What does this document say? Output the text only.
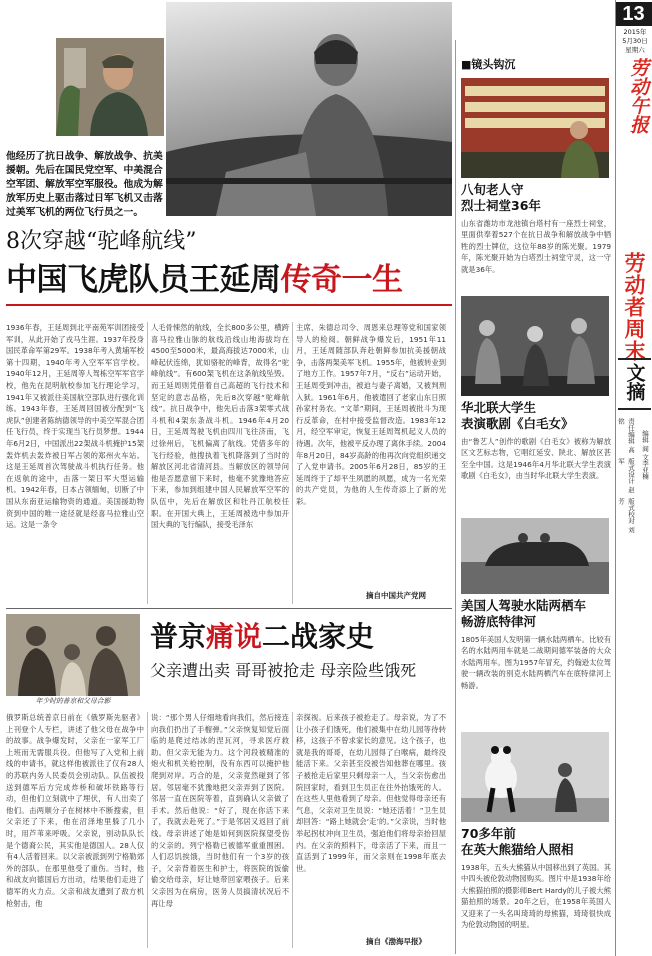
13
2015年
5月30日
星期六
劳动午报
劳动者周末
文摘
责任编辑 高铭
版式设计 赵军
版式校对 刘芳
编辑 阎 文
李亚楠
他经历了抗日战争、解放战争、抗美援朝。先后在国民党空军、中美混合空军团、解放军空军服役。他成为解放军历史上驱击落过日军飞机又击落过美军飞机的两位飞行员之一。
8次穿越“驼峰航线”
中国飞虎队员王延周传奇一生
1936年春，王延周到北平南苑军训团接受军训，从此开始了戎马生涯。1937年投身国民革命军第29军。1938年考入黄埔军校第十四期，1940年考入空军军官学校。1940年12月，王延周等人驾栋空军军官学校，他先在昆明航校参加飞行理论学习，1941年又被派往美国航空部队进行强化训练。1943年春，王延周回国被分配到“飞虎队”创建者陈纳德领导的中美空军混合团任飞行员，终于实现当飞行员梦想。1944年6月2日，中国派出22架战斗机掩护15架轰炸机去轰炸被日军占领的郑州火车站。这是王延周首次驾驶战斗机执行任务。他在返航的途中，击落一架日军大型运输机。1942年春，日本占领缅甸，切断了中国从东南亚运输物资的通道。美国援助物资到中国的唯一途径就是经喜马拉雅山空运。这是一条令
人毛骨悚然的航线，全长800多公里，横跨喜马拉雅山脉的航线沿线山地海拔均在4500至5000米，最高海拔达7000米，山峰起伏连绵，犹如骆驼的峰背，故得名“驼峰航线”。有600架飞机在这条航线坠毁。而王延周则凭借着自己高超的飞行技术和坚定的意志品格，先后8次穿越“驼峰航线”。抗日战争中，他先后击落3架零式战斗机和4架东条战斗机。1946年4月20日，王延周驾驶飞机由四川飞往济南，飞过徐州后，飞机偏离了航线。凭借多年的飞行经验，他搜执着飞机降落到了当时的解放区河北省清河县。当解放区的领导问他是否愿意留下来时，他毫不犹豫地答应下来，参加到组建中国人民解放军空军的队伍中，先后在解放区和牡丹江航校任职。在开国大典上，王延周被选中参加开国大典的飞行编队，接受毛泽东
主席、朱德总司令、周恩来总理等党和国家领导人的检阅。朝鲜战争爆发后，1951年11月，王延周随部队奔赴朝鲜参加抗美援朝战争，击落两架美军飞机。1955年，他被转业到了地方工作。1957年7月，“反右”运动开始，王延周受到冲击，被迫与妻子离婚，又被判刑入狱。1961年6月，他被遣回了老家山东日照孙家村务农。“文革”期间，王延周被批斗为现行反革命，在村中接受监督改造。1983年12月，经空军审定，恢复王延周驾机起义人员的待遇。次年，他被平反办理了离休手续。2004年8月20日，84岁高龄的他再次向党组织递交了入党申请书。2005年6月28日，85岁的王延周终于了却平生夙愿的夙愿，成为一名光荣的共产党员，为他的人生传奇添上了新的光彩。
摘自中国共产党网
年少时的普京和父母合影
普京痛说二战家史
父亲遭出卖 哥哥被抢走 母亲险些饿死
俄罗斯总统普京日前在《俄罗斯先驱者》上刊登个人专栏，讲述了他父母在战争中的故事。战争爆发时，父亲在一家军工厂上班而无需服兵役。但他写了入党和上前线的申请书，就这样他被派往了仅有28人的苏联内务人民委员会别动队。队伍被投送到德军后方完成炸桥和破坏铁路等行动，但他们立刻就中了埋伏，有人出卖了他们。击两顺分子在树林中不断搜索，但父亲还了下来，他在沼泽地里躲了几小时，用芦苇来呼吸。父亲说，别动队队长是个德裔公民，其实他是德国人。28人仅有4人活着回来。以父亲被派到列宁格勒郊外的部队。在那里他受了重伤。当时，他和战友向德国后方出动，结果他们走进了德军的火力点。父亲和战友遭到了敌方机枪射击，他
说：“那个男人仔细地看向我们，然后接连向我们扔出了手榴弹。”父亲恢复知觉后面临的是爬过结冰的涅瓦河，寻求医疗救助。但父亲无能为力。这个河段被精准的炮火和机关枪控制，没有东西可以掩护他爬到对岸。巧合的是，父亲竟然碰到了邻居。邻居毫不犹豫地把父亲弄到了医院。邻居一直在医院等着，直到确认父亲做了手术。然后他说：“好了，现在你活下来了，我就去赴死了。”于是邻居又返回了前线。母亲讲述了她是如何到医院探望受伤的父亲的。列宁格勒已被德军重重围困。人们忍饥挨饿，当时他们有一个3岁的孩子，父亲背着医生和护士，将医院的饭偷偷交给母亲，好让她带回家喂孩子。后来父亲因为在病房，医务人员搞清状况后不再让母
亲探视。后来孩子被抢走了。母亲说，为了不让小孩子们饿死，他们被集中在幼儿园等待转移，这孩子不曾求家长的意见。这个孩子，也就是我的哥哥，在幼儿园得了白喉病，最终没能活下来。父亲甚至没被告知他葬在哪里。孩子被抢走后家里只剩母亲一人，当父亲伤愈出院回家时，看到卫生员正在往外抬饿死的人。在这些人里他看到了母亲。但他觉得母亲还有气息，父亲对卫生员说：“她还活着！”卫生员却回答：“路上她就会‘走’的。”父亲说，当时他举起拐杖冲向卫生员，强迫他们将母亲抬回屋内。在父亲的照料下，母亲活了下来，而且一直活到了1999年，而父亲则在1998年底去世。
摘自《渤海早报》
■镜头钩沉
八旬老人守
烈士祠堂36年
山东省潍坊市龙池镇台塔村有一座烈士祠堂，里面供奉着527个在抗日战争和解放战争中牺牲的烈士牌位，这位年88岁的陈光聚。1979年，陈光聚开始为白塔烈士祠堂守灵，这一守就是36年。
华北联大学生
表演歌剧《白毛女》
由“鲁艺人”创作的歌剧《白毛女》被称为解放区文艺标志物，它唱红延安、陕北、解放区甚至全中国。这是1946年4月华北联大学生表演歌剧《白毛女》，由当时华北联大学生表演。
美国人驾驶水陆两栖车
畅游底特律河
1805年美国人发明第一辆水陆两栖车。比较有名的水陆两用车就是二战期间德军装备的大众水陆两用车。图为1957年冒充，约翰逊太位驾驶一辆改装的别克水陆两栖汽车在底特律河上畅游。
70多年前
在英大熊猫给人照相
1938年，五头大熊猫从中国移出到了英国。其中四头被伦敦动物园购买。图片中是1938年给大熊猫拍照的摄影师Bert Hardy的儿子被大熊猫拍照的场景。20年之后，在1958年英国人又迎来了一头名叫琦琦的母熊猫，琦琦很快成为伦敦动物园的明星。
